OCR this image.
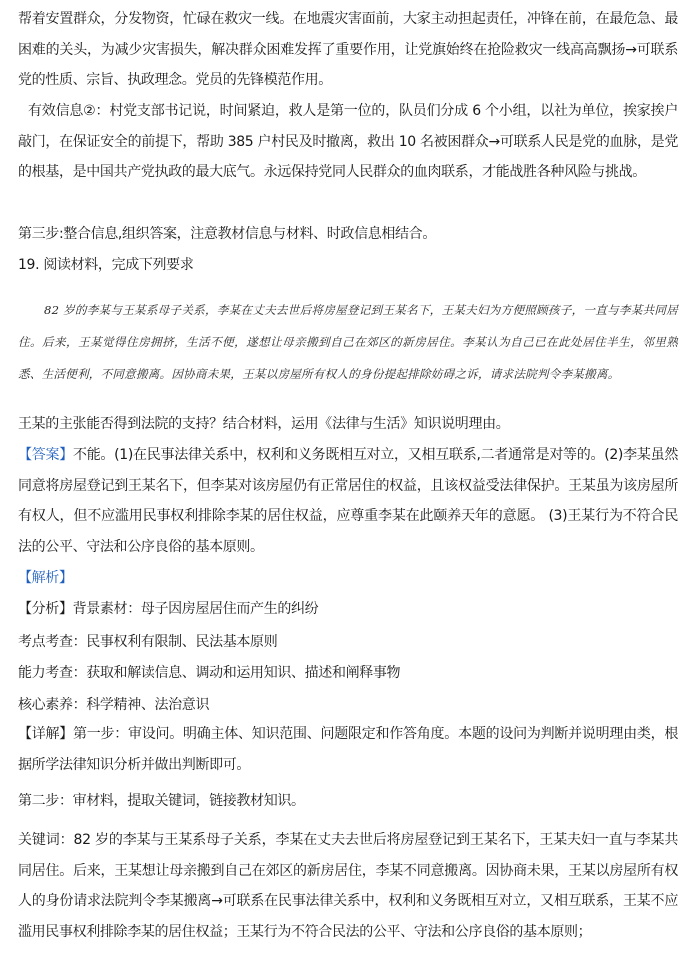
帮着安置群众，分发物资，忙碌在救灾一线。在地震灾害面前，大家主动担起责任，冲锋在前，在最危急、最困难的关头，为减少灾害损失，解决群众困难发挥了重要作用，让党旗始终在抢险救灾一线高高飘扬→可联系党的性质、宗旨、执政理念。党员的先锋模范作用。

有效信息②：村党支部书记说，时间紧迫，救人是第一位的，队员们分成 6 个小组，以社为单位，挨家挨户敲门，在保证安全的前提下，帮助 385 户村民及时撤离，救出 10 名被困群众→可联系人民是党的血脉，是党的根基，是中国共产党执政的最大底气。永远保持党同人民群众的血肉联系，才能战胜各种风险与挑战。

第三步:整合信息,组织答案，注意教材信息与材料、时政信息相结合。

19. 阅读材料，完成下列要求

82 岁的李某与王某系母子关系，李某在丈夫去世后将房屋登记到王某名下，王某夫妇为方便照顾孩子，一直与李某共同居住。后来，王某觉得住房拥挤，生活不便，遂想让母亲搬到自己在郊区的新房居住。李某认为自己已在此处居住半生，邻里熟悉、生活便利，不同意搬离。因协商未果，王某以房屋所有权人的身份提起排除妨碍之诉，请求法院判令李某搬离。

王某的主张能否得到法院的支持？结合材料，运用《法律与生活》知识说明理由。

【答案】不能。(1)在民事法律关系中，权利和义务既相互对立，又相互联系,二者通常是对等的。(2)李某虽然同意将房屋登记到王某名下，但李某对该房屋仍有正常居住的权益，且该权益受法律保护。王某虽为该房屋所有权人，但不应滥用民事权利排除李某的居住权益，应尊重李某在此颐养天年的意愿。 (3)王某行为不符合民法的公平、守法和公序良俗的基本原则。

【解析】
【分析】背景素材：母子因房屋居住而产生的纠纷
考点考查：民事权利有限制、民法基本原则
能力考查：获取和解读信息、调动和运用知识、描述和阐释事物
核心素养：科学精神、法治意识

【详解】第一步：审设问。明确主体、知识范围、问题限定和作答角度。本题的设问为判断并说明理由类，根据所学法律知识分析并做出判断即可。

第二步：审材料，提取关键词，链接教材知识。

关键词：82 岁的李某与王某系母子关系，李某在丈夫去世后将房屋登记到王某名下，王某夫妇一直与李某共同居住。后来，王某想让母亲搬到自己在郊区的新房居住，李某不同意搬离。因协商未果，王某以房屋所有权人的身份请求法院判令李某搬离→可联系在民事法律关系中，权利和义务既相互对立，又相互联系，王某不应滥用民事权利排除李某的居住权益；王某行为不符合民法的公平、守法和公序良俗的基本原则；
